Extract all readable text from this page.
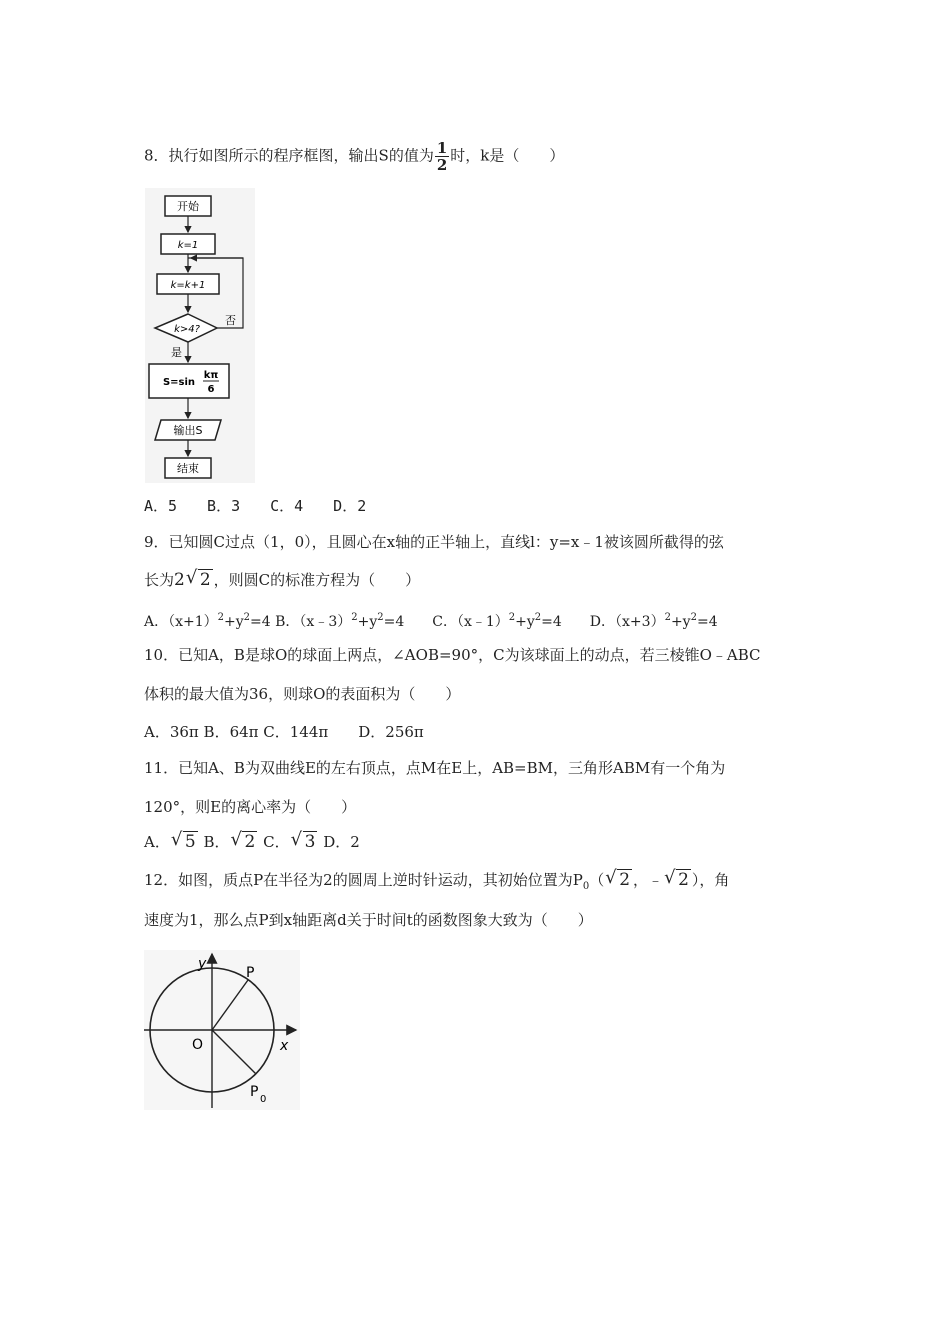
8．执行如图所示的程序框图，输出S的值为 $\frac{1}{2}$ 时，k是（　　）
开始
k=1
k=k+1
k>4?
否
是
S=sin
kπ
6
输出S
结束
A．5　　B．3　　C．4　　D．2
9．已知圆C过点（1，0），且圆心在x轴的正半轴上，直线l：y=x﹣1被该圆所截得的弦
长为2√ 2 ，则圆C的标准方程为（　　）
A．$(x+1)^2+y^2=4$ B．$(x﹣3)^2+y^2=4$　　C．$(x﹣1)^2+y^2=4$　　D．$(x+3)^2+y^2=4$
10．已知A，B是球O的球面上两点，∠AOB=90°，C为该球面上的动点，若三棱锥O﹣ABC
体积的最大值为36，则球O的表面积为（　　）
A．36π B．64π C．144π　　D．256π
11．已知A、B为双曲线E的左右顶点，点M在E上，AB=BM，三角形ABM有一个角为
120°，则E的离心率为（　　）
A．√ 5 B．√ 2 C．√ 3 D．2
12．如图，质点P在半径为2的圆周上逆时针运动，其初始位置为$P_0(√$ 2 ，﹣√ 2 ），角
速度为1，那么点P到x轴距离d关于时间t的函数图象大致为（　　）
y
x
O
P
P 0
